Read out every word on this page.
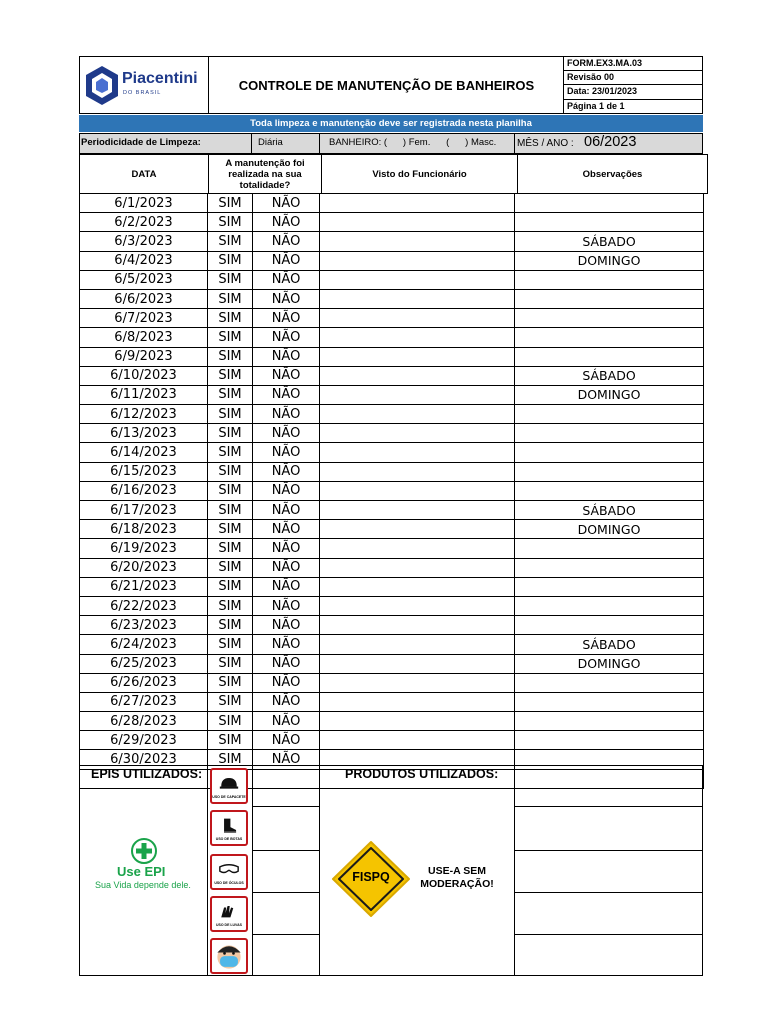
Piacentini
DO BRASIL
CONTROLE DE MANUTENÇÃO DE BANHEIROS
FORM.EX3.MA.03
Revisão 00
Data: 23/01/2023
Página 1 de 1
Toda limpeza e manutenção deve ser registrada nesta planilha
Periodicidade de Limpeza:	Diária	BANHEIRO: (      ) Fem.      (      ) Masc. MÊS / ANO : 06/2023
DATA	A manutenção foi realizada na sua totalidade?	Visto do Funcionário	Observações
6/1/2023	SIM	NÃO		
6/2/2023	SIM	NÃO		
6/3/2023	SIM	NÃO		SÁBADO
6/4/2023	SIM	NÃO		DOMINGO
6/5/2023	SIM	NÃO		
6/6/2023	SIM	NÃO		
6/7/2023	SIM	NÃO		
6/8/2023	SIM	NÃO		
6/9/2023	SIM	NÃO		
6/10/2023	SIM	NÃO		SÁBADO
6/11/2023	SIM	NÃO		DOMINGO
6/12/2023	SIM	NÃO		
6/13/2023	SIM	NÃO		
6/14/2023	SIM	NÃO		
6/15/2023	SIM	NÃO		
6/16/2023	SIM	NÃO		
6/17/2023	SIM	NÃO		SÁBADO
6/18/2023	SIM	NÃO		DOMINGO
6/19/2023	SIM	NÃO		
6/20/2023	SIM	NÃO		
6/21/2023	SIM	NÃO		
6/22/2023	SIM	NÃO		
6/23/2023	SIM	NÃO		
6/24/2023	SIM	NÃO		SÁBADO
6/25/2023	SIM	NÃO		DOMINGO
6/26/2023	SIM	NÃO		
6/27/2023	SIM	NÃO		
6/28/2023	SIM	NÃO		
6/29/2023	SIM	NÃO		
6/30/2023	SIM	NÃO		

EPIS UTILIZADOS:
Use EPI
Sua Vida depende dele.
USO DE CAPACETE
USO DE BOTAS
USO DE ÓCULOS
USO DE LUVAS
PRODUTOS UTILIZADOS:
FISPQ	USE-A SEM MODERAÇÃO!
